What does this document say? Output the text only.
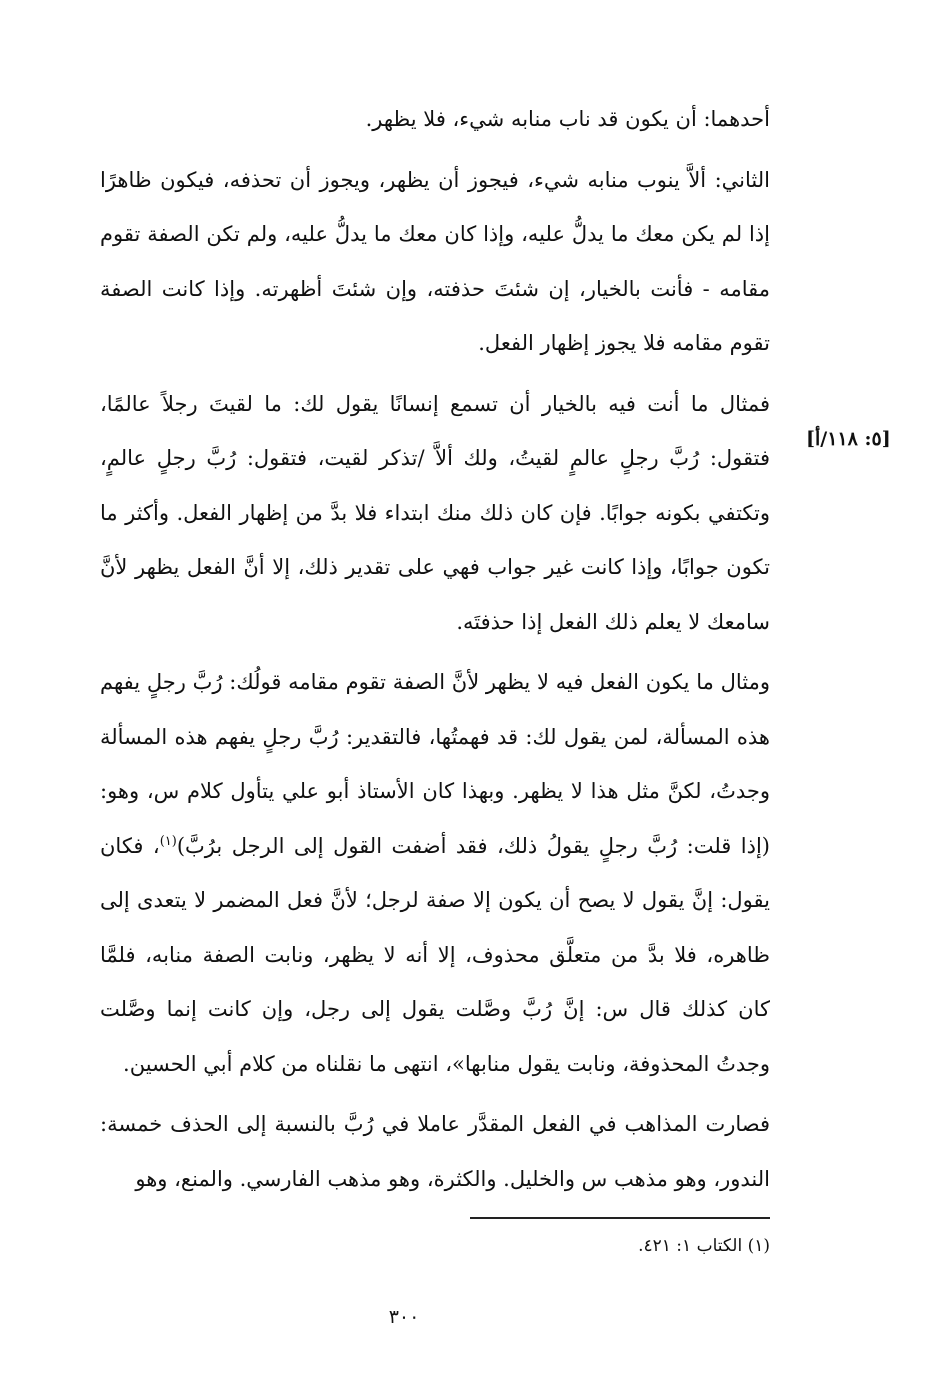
[٥: ١١٨/أ]

أحدهما: أن يكون قد ناب منابه شيء، فلا يظهر.

الثاني: ألاَّ ينوب منابه شيء، فيجوز أن يظهر، ويجوز أن تحذفه، فيكون ظاهرًا إذا لم يكن معك ما يدلُّ عليه، وإذا كان معك ما يدلُّ عليه، ولم تكن الصفة تقوم مقامه - فأنت بالخيار، إن شئتَ حذفته، وإن شئتَ أظهرته. وإذا كانت الصفة تقوم مقامه فلا يجوز إظهار الفعل.

فمثال ما أنت فيه بالخيار أن تسمع إنسانًا يقول لك: ما لقيتَ رجلاً عالمًا، فتقول: رُبَّ رجلٍ عالمٍ لقيتُ، ولك ألاَّ /تذكر لقيت، فتقول: رُبَّ رجلٍ عالمٍ، وتكتفي بكونه جوابًا. فإن كان ذلك منك ابتداء فلا بدَّ من إظهار الفعل. وأكثر ما تكون جوابًا، وإذا كانت غير جواب فهي على تقدير ذلك، إلا أنَّ الفعل يظهر لأنَّ سامعك لا يعلم ذلك الفعل إذا حذفتَه.

ومثال ما يكون الفعل فيه لا يظهر لأنَّ الصفة تقوم مقامه قولُك: رُبَّ رجلٍ يفهم هذه المسألة، لمن يقول لك: قد فهمتُها، فالتقدير: رُبَّ رجلٍ يفهم هذه المسألة وجدتُ، لكنَّ مثل هذا لا يظهر. وبهذا كان الأستاذ أبو علي يتأول كلام س، وهو: (إذا قلت: رُبَّ رجلٍ يقولُ ذلك، فقد أضفت القول إلى الرجل برُبَّ)$^{(١)}$، فكان يقول: إنَّ يقول لا يصح أن يكون إلا صفة لرجل؛ لأنَّ فعل المضمر لا يتعدى إلى ظاهره، فلا بدَّ من متعلَّق محذوف، إلا أنه لا يظهر، ونابت الصفة منابه، فلمَّا كان كذلك قال س: إنَّ رُبَّ وصَّلت يقول إلى رجل، وإن كانت إنما وصَّلت وجدتُ المحذوفة، ونابت يقول منابها»، انتهى ما نقلناه من كلام أبي الحسين.

فصارت المذاهب في الفعل المقدَّر عاملا في رُبَّ بالنسبة إلى الحذف خمسة: الندور، وهو مذهب س والخليل. والكثرة، وهو مذهب الفارسي. والمنع، وهو

(١) الكتاب ١: ٤٢١.
٣٠٠
